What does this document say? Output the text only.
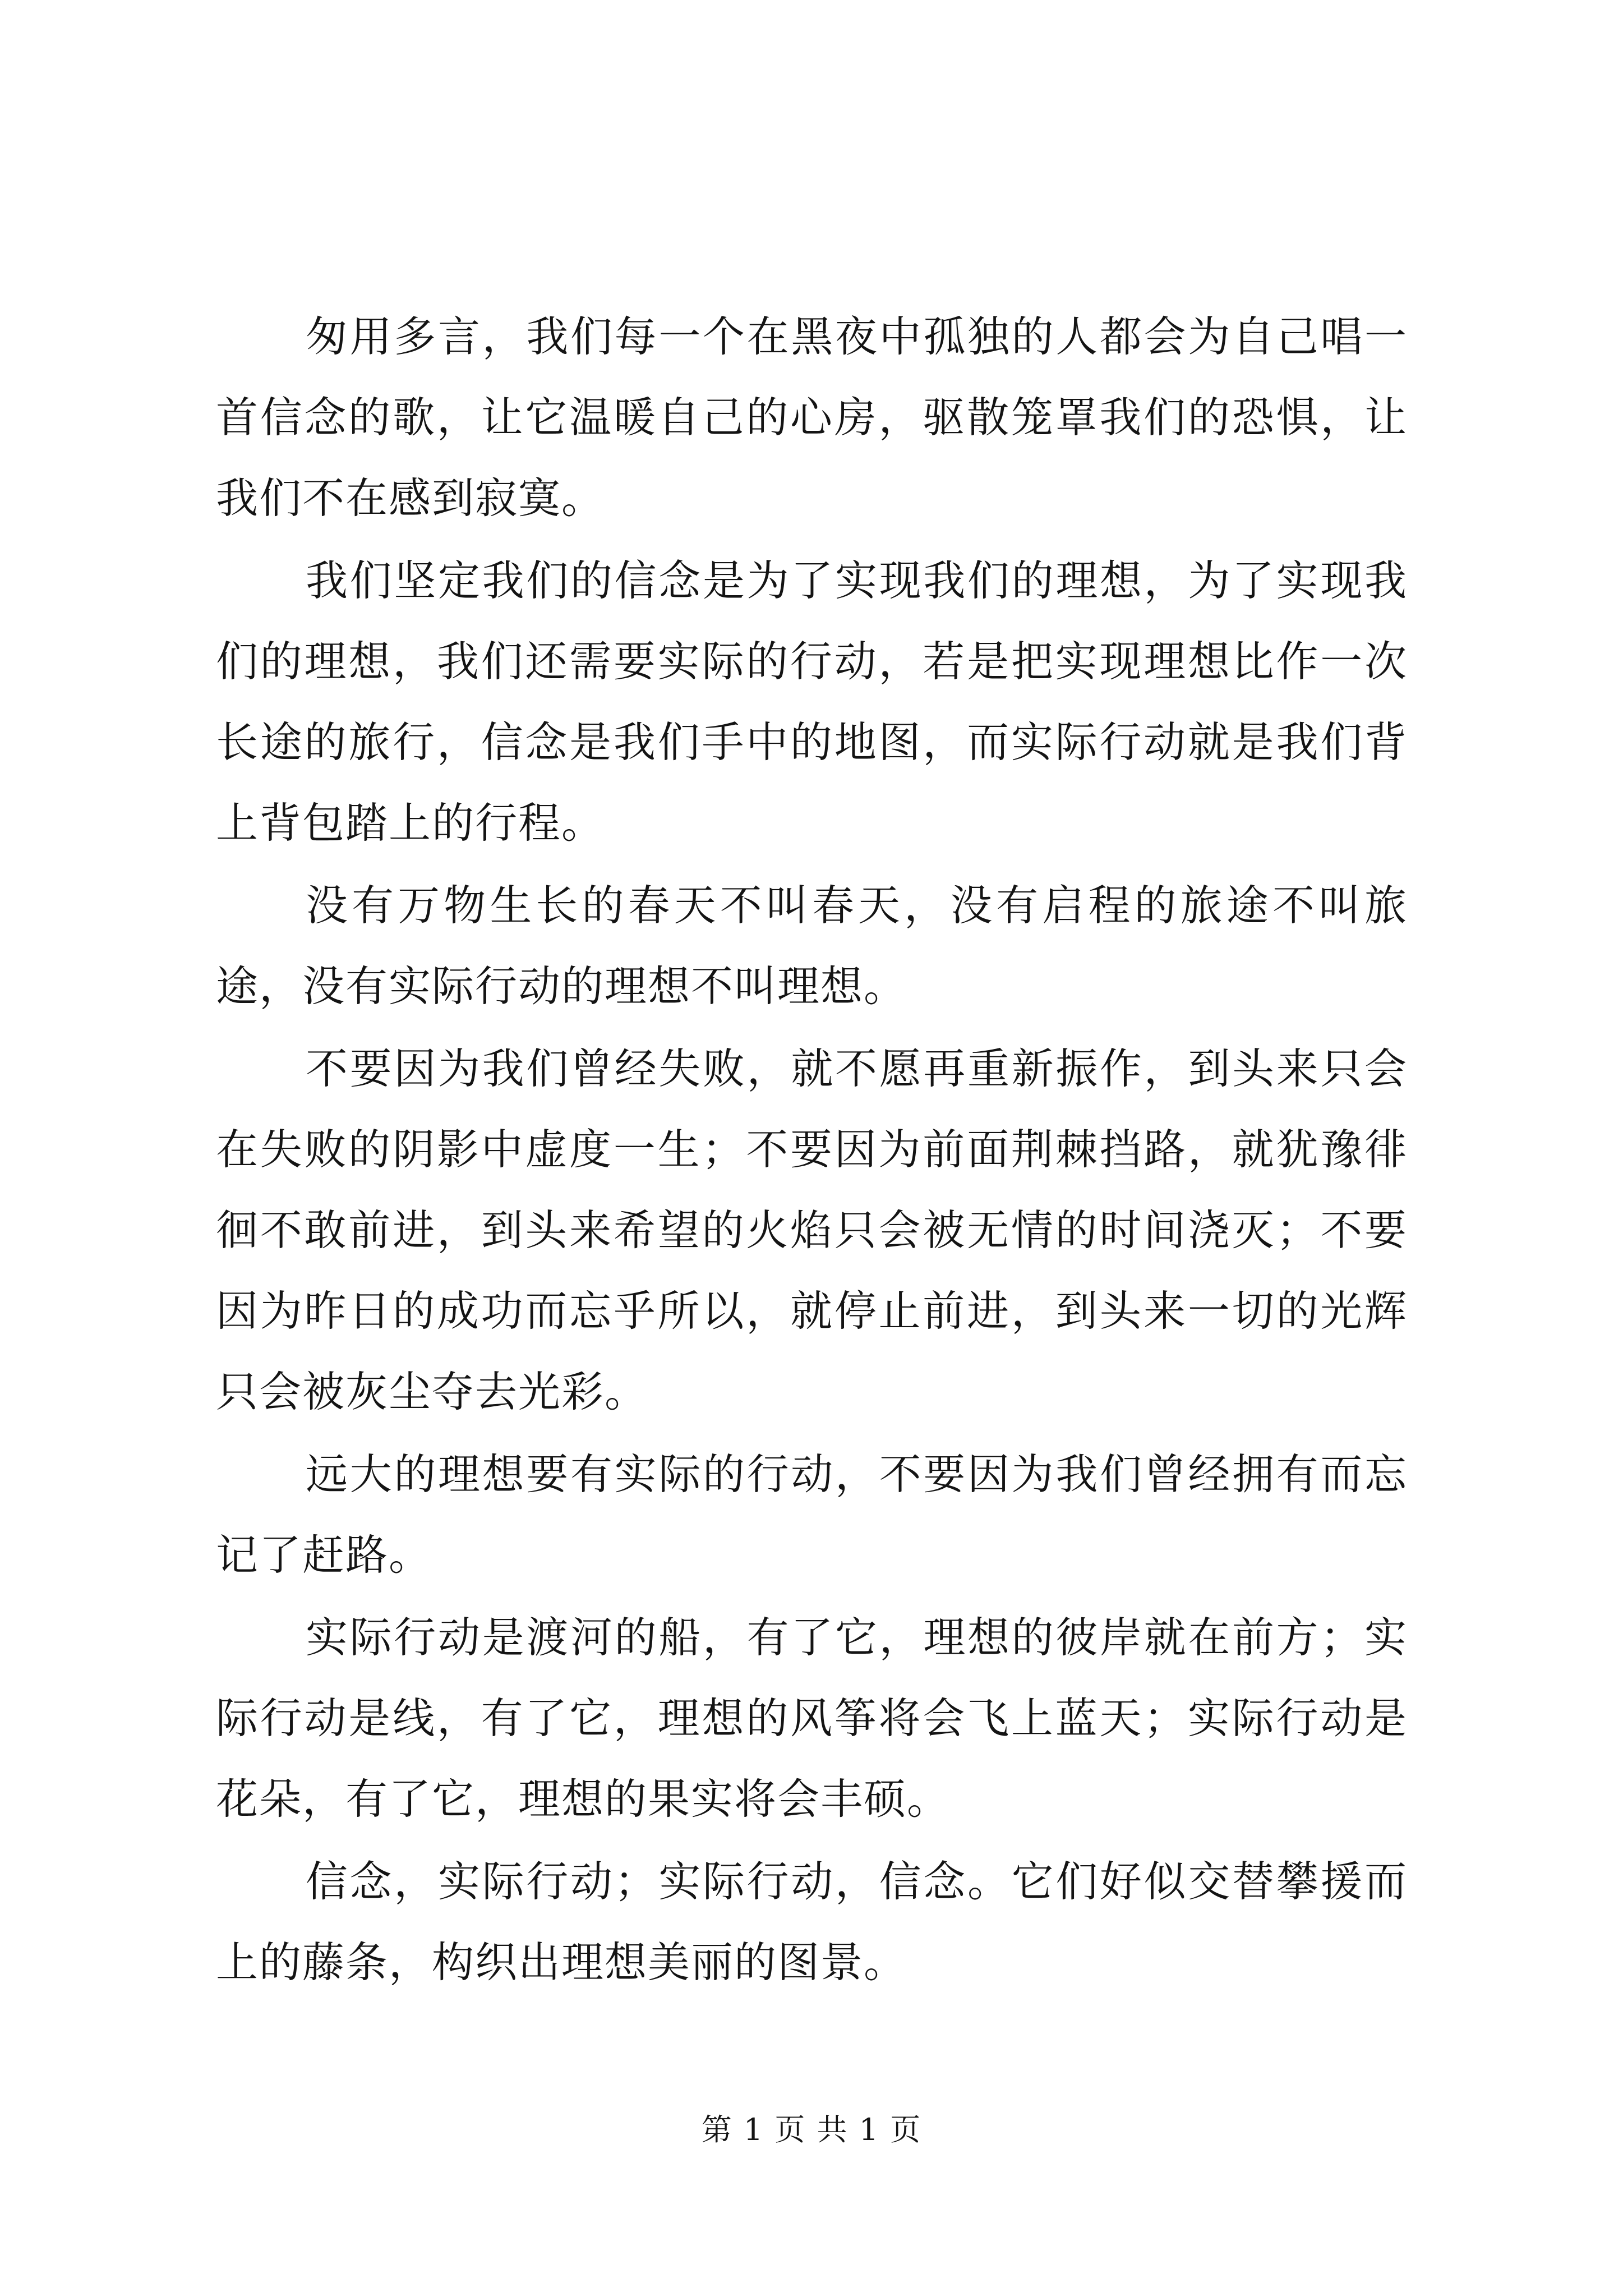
匆用多言，我们每一个在黑夜中孤独的人都会为自己唱一首信念的歌，让它温暖自己的心房，驱散笼罩我们的恐惧，让我们不在感到寂寞。

我们坚定我们的信念是为了实现我们的理想，为了实现我们的理想，我们还需要实际的行动，若是把实现理想比作一次长途的旅行，信念是我们手中的地图，而实际行动就是我们背上背包踏上的行程。

没有万物生长的春天不叫春天，没有启程的旅途不叫旅途，没有实际行动的理想不叫理想。

不要因为我们曾经失败，就不愿再重新振作，到头来只会在失败的阴影中虚度一生；不要因为前面荆棘挡路，就犹豫徘徊不敢前进，到头来希望的火焰只会被无情的时间浇灭；不要因为昨日的成功而忘乎所以，就停止前进，到头来一切的光辉只会被灰尘夺去光彩。

远大的理想要有实际的行动，不要因为我们曾经拥有而忘记了赶路。

实际行动是渡河的船，有了它，理想的彼岸就在前方；实际行动是线，有了它，理想的风筝将会飞上蓝天；实际行动是花朵，有了它，理想的果实将会丰硕。

信念，实际行动；实际行动，信念。它们好似交替攀援而上的藤条，构织出理想美丽的图景。

第 1 页 共 1 页
